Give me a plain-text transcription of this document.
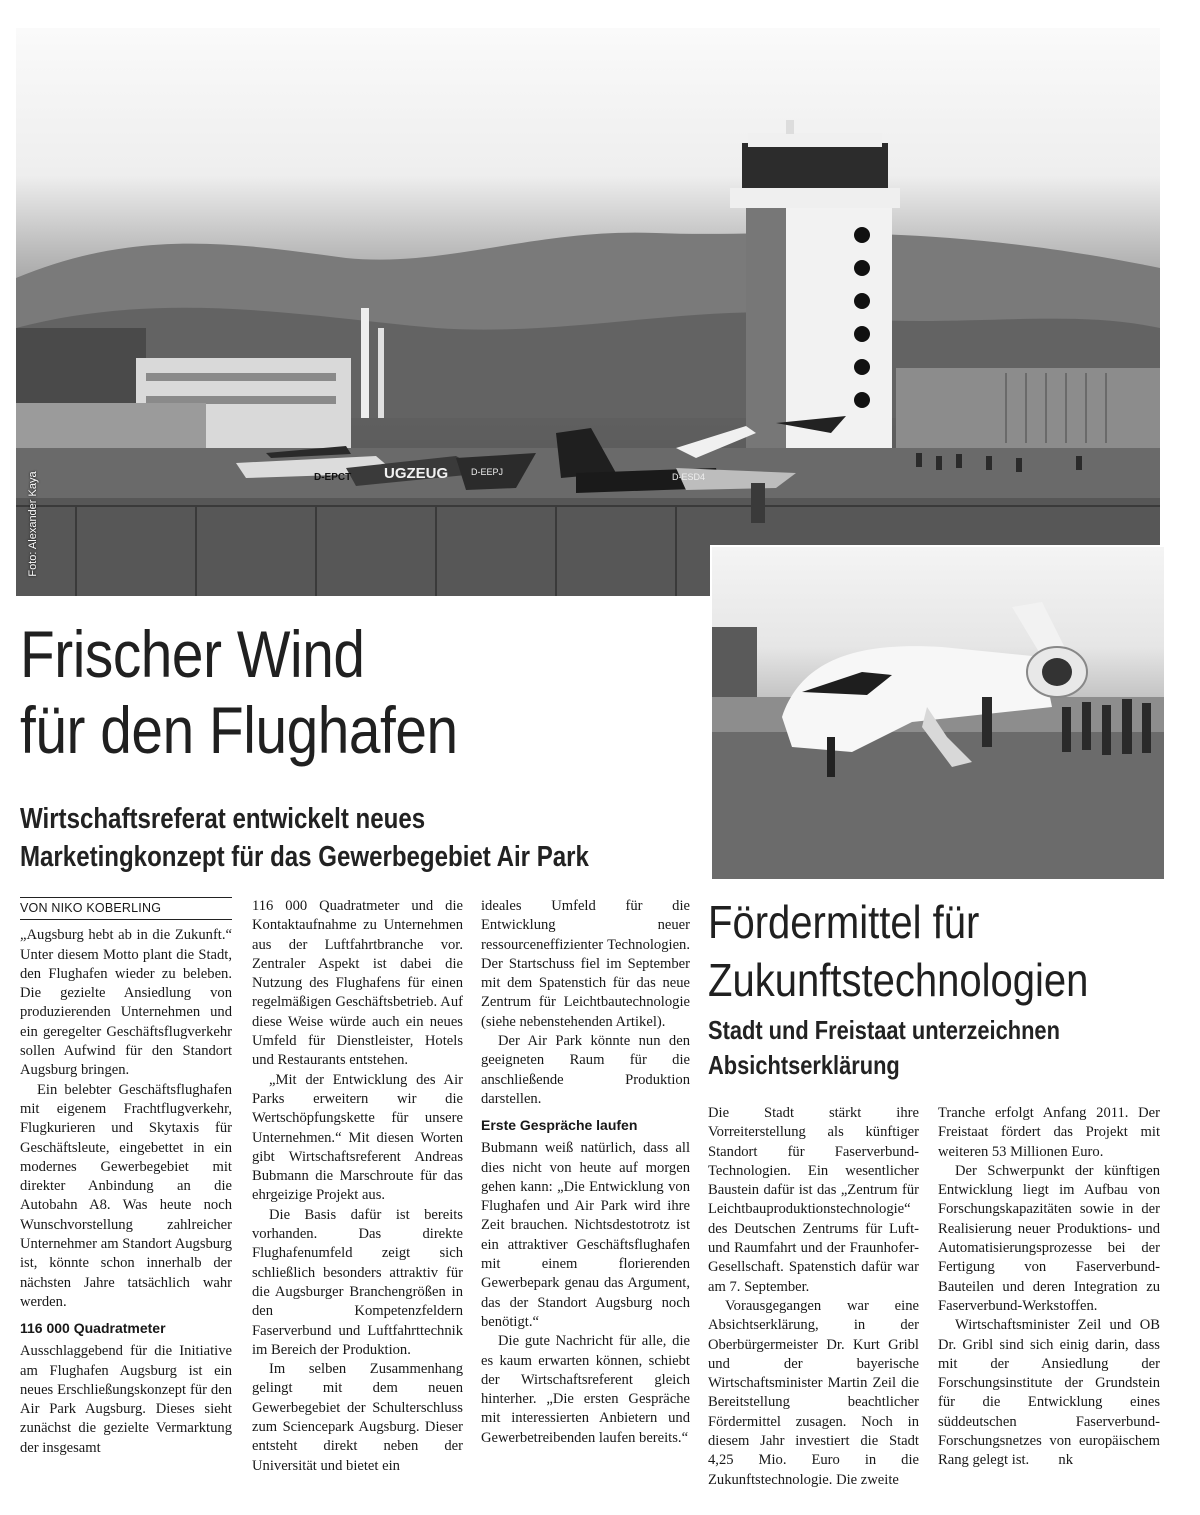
D-EPCT UGZEUG	D-EEPJ	D-ESD4
Foto: Alexander Kaya
Frischer Wind
für den Flughafen
Wirtschaftsreferat entwickelt neues
Marketingkonzept für das Gewerbegebiet Air Park
VON NIKO KOBERLING

„Augsburg hebt ab in die Zukunft.“ Unter diesem Motto plant die Stadt, den Flughafen wieder zu beleben. Die gezielte Ansiedlung von produzierenden Unternehmen und ein geregelter Geschäftsflugverkehr sollen Aufwind für den Standort Augsburg bringen.

Ein belebter Geschäftsflughafen mit eigenem Frachtflugverkehr, Flugkurieren und Skytaxis für Geschäftsleute, eingebettet in ein modernes Gewerbegebiet mit direkter Anbindung an die Autobahn A8. Was heute noch Wunschvorstellung zahlreicher Unternehmer am Standort Augsburg ist, könnte schon innerhalb der nächsten Jahre tatsächlich wahr werden.

116 000 Quadratmeter

Ausschlaggebend für die Initiative am Flughafen Augsburg ist ein neues Erschließungskonzept für den Air Park Augsburg. Dieses sieht zunächst die gezielte Vermarktung der insgesamt

116 000 Quadratmeter und die Kontaktaufnahme zu Unternehmen aus der Luftfahrtbranche vor. Zentraler Aspekt ist dabei die Nutzung des Flughafens für einen regelmäßigen Geschäftsbetrieb. Auf diese Weise würde auch ein neues Umfeld für Dienstleister, Hotels und Restaurants entstehen.

„Mit der Entwicklung des Air Parks erweitern wir die Wertschöpfungskette für unsere Unternehmen.“ Mit diesen Worten gibt Wirtschaftsreferent Andreas Bubmann die Marschroute für das ehrgeizige Projekt aus.

Die Basis dafür ist bereits vorhanden. Das direkte Flughafenumfeld zeigt sich schließlich besonders attraktiv für die Augsburger Branchengrößen in den Kompetenzfeldern Faserverbund und Luftfahrttechnik im Bereich der Produktion.

Im selben Zusammenhang gelingt mit dem neuen Gewerbegebiet der Schulterschluss zum Sciencepark Augsburg. Dieser entsteht direkt neben der Universität und bietet ein

ideales Umfeld für die Entwicklung neuer ressourceneffizienter Technologien. Der Startschuss fiel im September mit dem Spatenstich für das neue Zentrum für Leichtbautechnologie (siehe nebenstehenden Artikel).

Der Air Park könnte nun den geeigneten Raum für die anschließende Produktion darstellen.

Erste Gespräche laufen

Bubmann weiß natürlich, dass all dies nicht von heute auf morgen gehen kann: „Die Entwicklung von Flughafen und Air Park wird ihre Zeit brauchen. Nichtsdestotrotz ist ein attraktiver Geschäftsflughafen mit einem florierenden Gewerbepark genau das Argument, das der Standort Augsburg noch benötigt.“

Die gute Nachricht für alle, die es kaum erwarten können, schiebt der Wirtschaftsreferent gleich hinterher. „Die ersten Gespräche mit interessierten Anbietern und Gewerbetreibenden laufen bereits.“

Fördermittel für
Zukunftstechnologien
Stadt und Freistaat unterzeichnen
Absichtserklärung

Die Stadt stärkt ihre Vorreiterstellung als künftiger Standort für Faserverbund-Technologien. Ein wesentlicher Baustein dafür ist das „Zentrum für Leichtbauproduktionstechnologie“ des Deutschen Zentrums für Luft- und Raumfahrt und der Fraunhofer-Gesellschaft. Spatenstich dafür war am 7. September.

Vorausgegangen war eine Absichtserklärung, in der Oberbürgermeister Dr. Kurt Gribl und der bayerische Wirtschaftsminister Martin Zeil die Bereitstellung beachtlicher Fördermittel zusagen. Noch in diesem Jahr investiert die Stadt 4,25 Mio. Euro in die Zukunftstechnologie. Die zweite

Tranche erfolgt Anfang 2011. Der Freistaat fördert das Projekt mit weiteren 53 Millionen Euro.

Der Schwerpunkt der künftigen Entwicklung liegt im Aufbau von Forschungskapazitäten sowie in der Realisierung neuer Produktions- und Automatisierungsprozesse bei der Fertigung von Faserverbund-Bauteilen und deren Integration zu Faserverbund-Werkstoffen.

Wirtschaftsminister Zeil und OB Dr. Gribl sind sich einig darin, dass mit der Ansiedlung der Forschungsinstitute der Grundstein für die Entwicklung eines süddeutschen Faserverbund-Forschungsnetzes von europäischem Rang gelegt ist. nk
